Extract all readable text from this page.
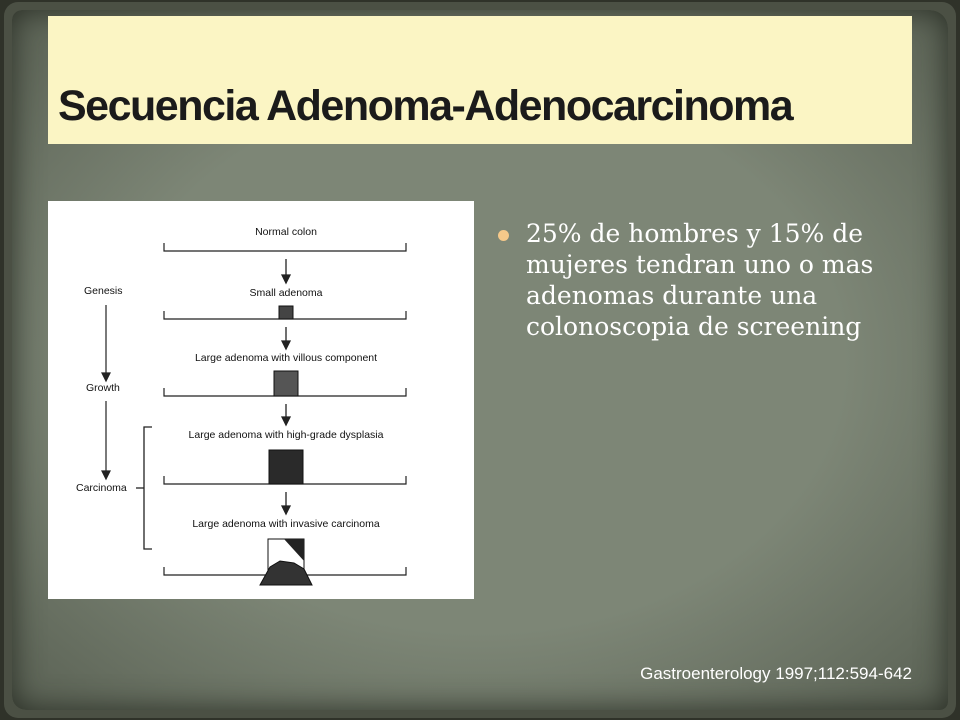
Secuencia Adenoma-Adenocarcinoma
Normal colon
Small adenoma
Large adenoma with villous component
Large adenoma with high-grade dysplasia
Large adenoma with invasive carcinoma
Genesis
Growth
Carcinoma
25% de hombres y 15% de mujeres tendran uno o mas adenomas durante una colonoscopia de screening
Gastroenterology 1997;112:594-642
